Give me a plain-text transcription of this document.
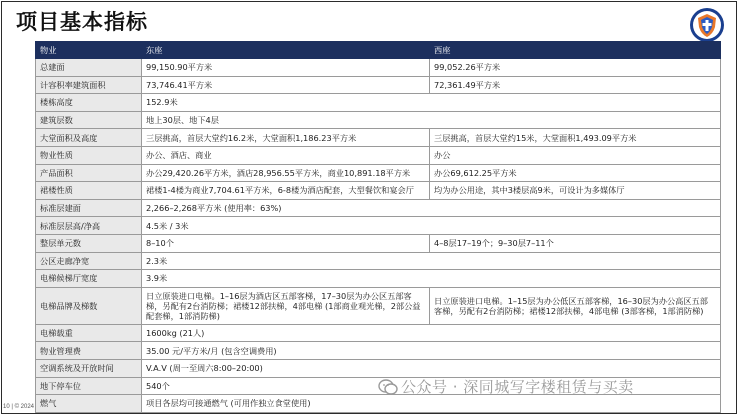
项目基本指标
物业	东座	西座
总建面	99,150.90平方米	99,052.26平方米
计容积率建筑面积	73,746.41平方米	72,361.49平方米
楼栋高度	152.9米	
建筑层数	地上30层、地下4层	
大堂面积及高度	三层挑高，首层大堂约16.2米，大堂面积1,186.23平方米	三层挑高，首层大堂约15米，大堂面积1,493.09平方米
物业性质	办公、酒店、商业	办公
产品面积	办公29,420.26平方米，酒店28,956.55平方米，商业10,891.18平方米	办公69,612.25平方米
裙楼性质	裙楼1-4楼为商业7,704.61平方米，6-8楼为酒店配套，大型餐饮和宴会厅	均为办公用途，其中3楼层高9米，可设计为多媒体厅
标准层建面	2,266–2,268平方米 (使用率：63%)	
标准层层高/净高	4.5米 / 3米	
整层单元数	8–10个	4–8层17–19个；9–30层7–11个
公区走廊净宽	2.3米	
电梯候梯厅宽度	3.9米	
电梯品牌及梯数	日立原装进口电梯。1–16层为酒店区五部客梯，17–30层为办公区五部客梯，另配有2台消防梯；裙楼12部扶梯，4部电梯 (1部商业观光梯，2部公益配套梯，1部消防梯)	日立原装进口电梯。1–15层为办公低区五部客梯，16–30层为办公高区五部客梯，另配有2台消防梯；裙楼12部扶梯，4部电梯 (3部客梯，1部消防梯)
电梯载重	1600kg (21人)	
物业管理费	35.00 元/平方米/月 (包含空调费用)	
空调系统及开放时间	V.A.V (周一至周六8:00–20:00)	
地下停车位	540个	
燃气	项目各层均可接通燃气 (可用作独立食堂使用)	
公众号 · 深同城写字楼租赁与买卖
10 | © 2024
